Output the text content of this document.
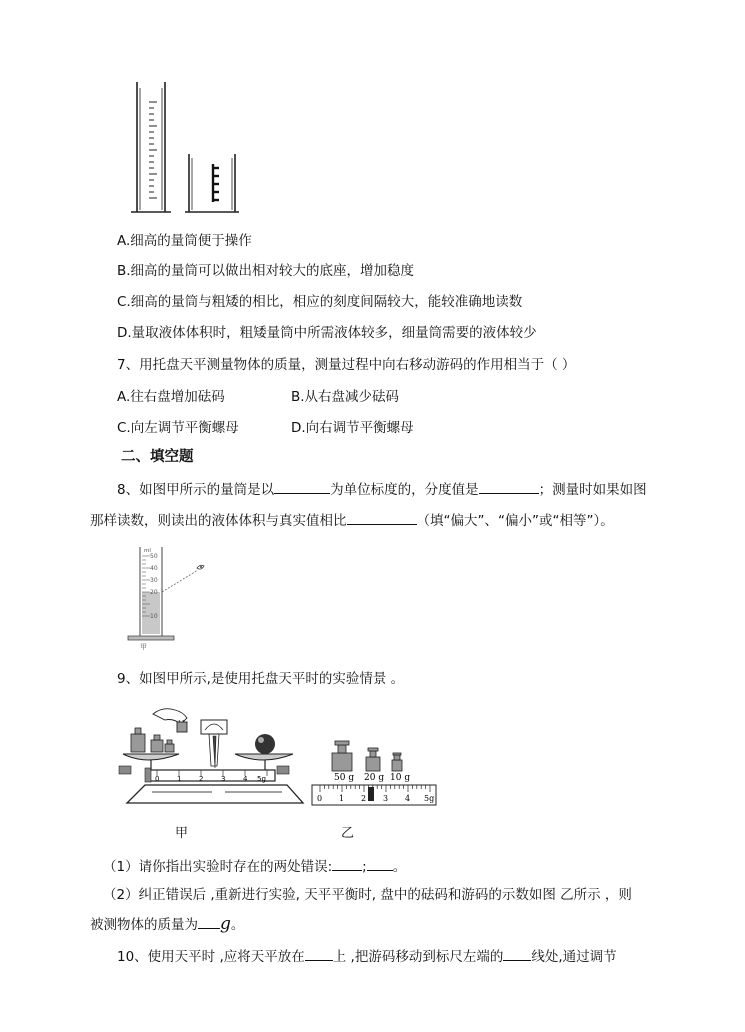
A.细高的量筒便于操作
B.细高的量筒可以做出相对较大的底座，增加稳度
C.细高的量筒与粗矮的相比，相应的刻度间隔较大，能较准确地读数
D.量取液体体积时，粗矮量筒中所需液体较多，细量筒需要的液体较少
7、用托盘天平测量物体的质量，测量过程中向右移动游码的作用相当于（ ）
A.往右盘增加砝码	B.从右盘减少砝码
C.向左调节平衡螺母	D.向右调节平衡螺母
二、填空题
8、如图甲所示的量筒是以	为单位标度的，分度值是	；测量时如果如图
那样读数，则读出的液体体积与真实值相比	（填“偏大”、“偏小”或“相等”）。
ml
50
40
30
20
10
甲
9、如图甲所示,是使用托盘天平时的实验情景 。
0	1	2	3	4 5g	50 g 20 g 10 g
0 1 2 3 4 5g
甲	乙
（1）请你指出实验时存在的两处错误: ; 。
（2）纠正错误后 ,重新进行实验, 天平平衡时, 盘中的砝码和游码的示数如图 乙所示 ，则
被测物体的质量为 g。
10、使用天平时 ,应将天平放在 上 ,把游码移动到标尺左端的 线处,通过调节
